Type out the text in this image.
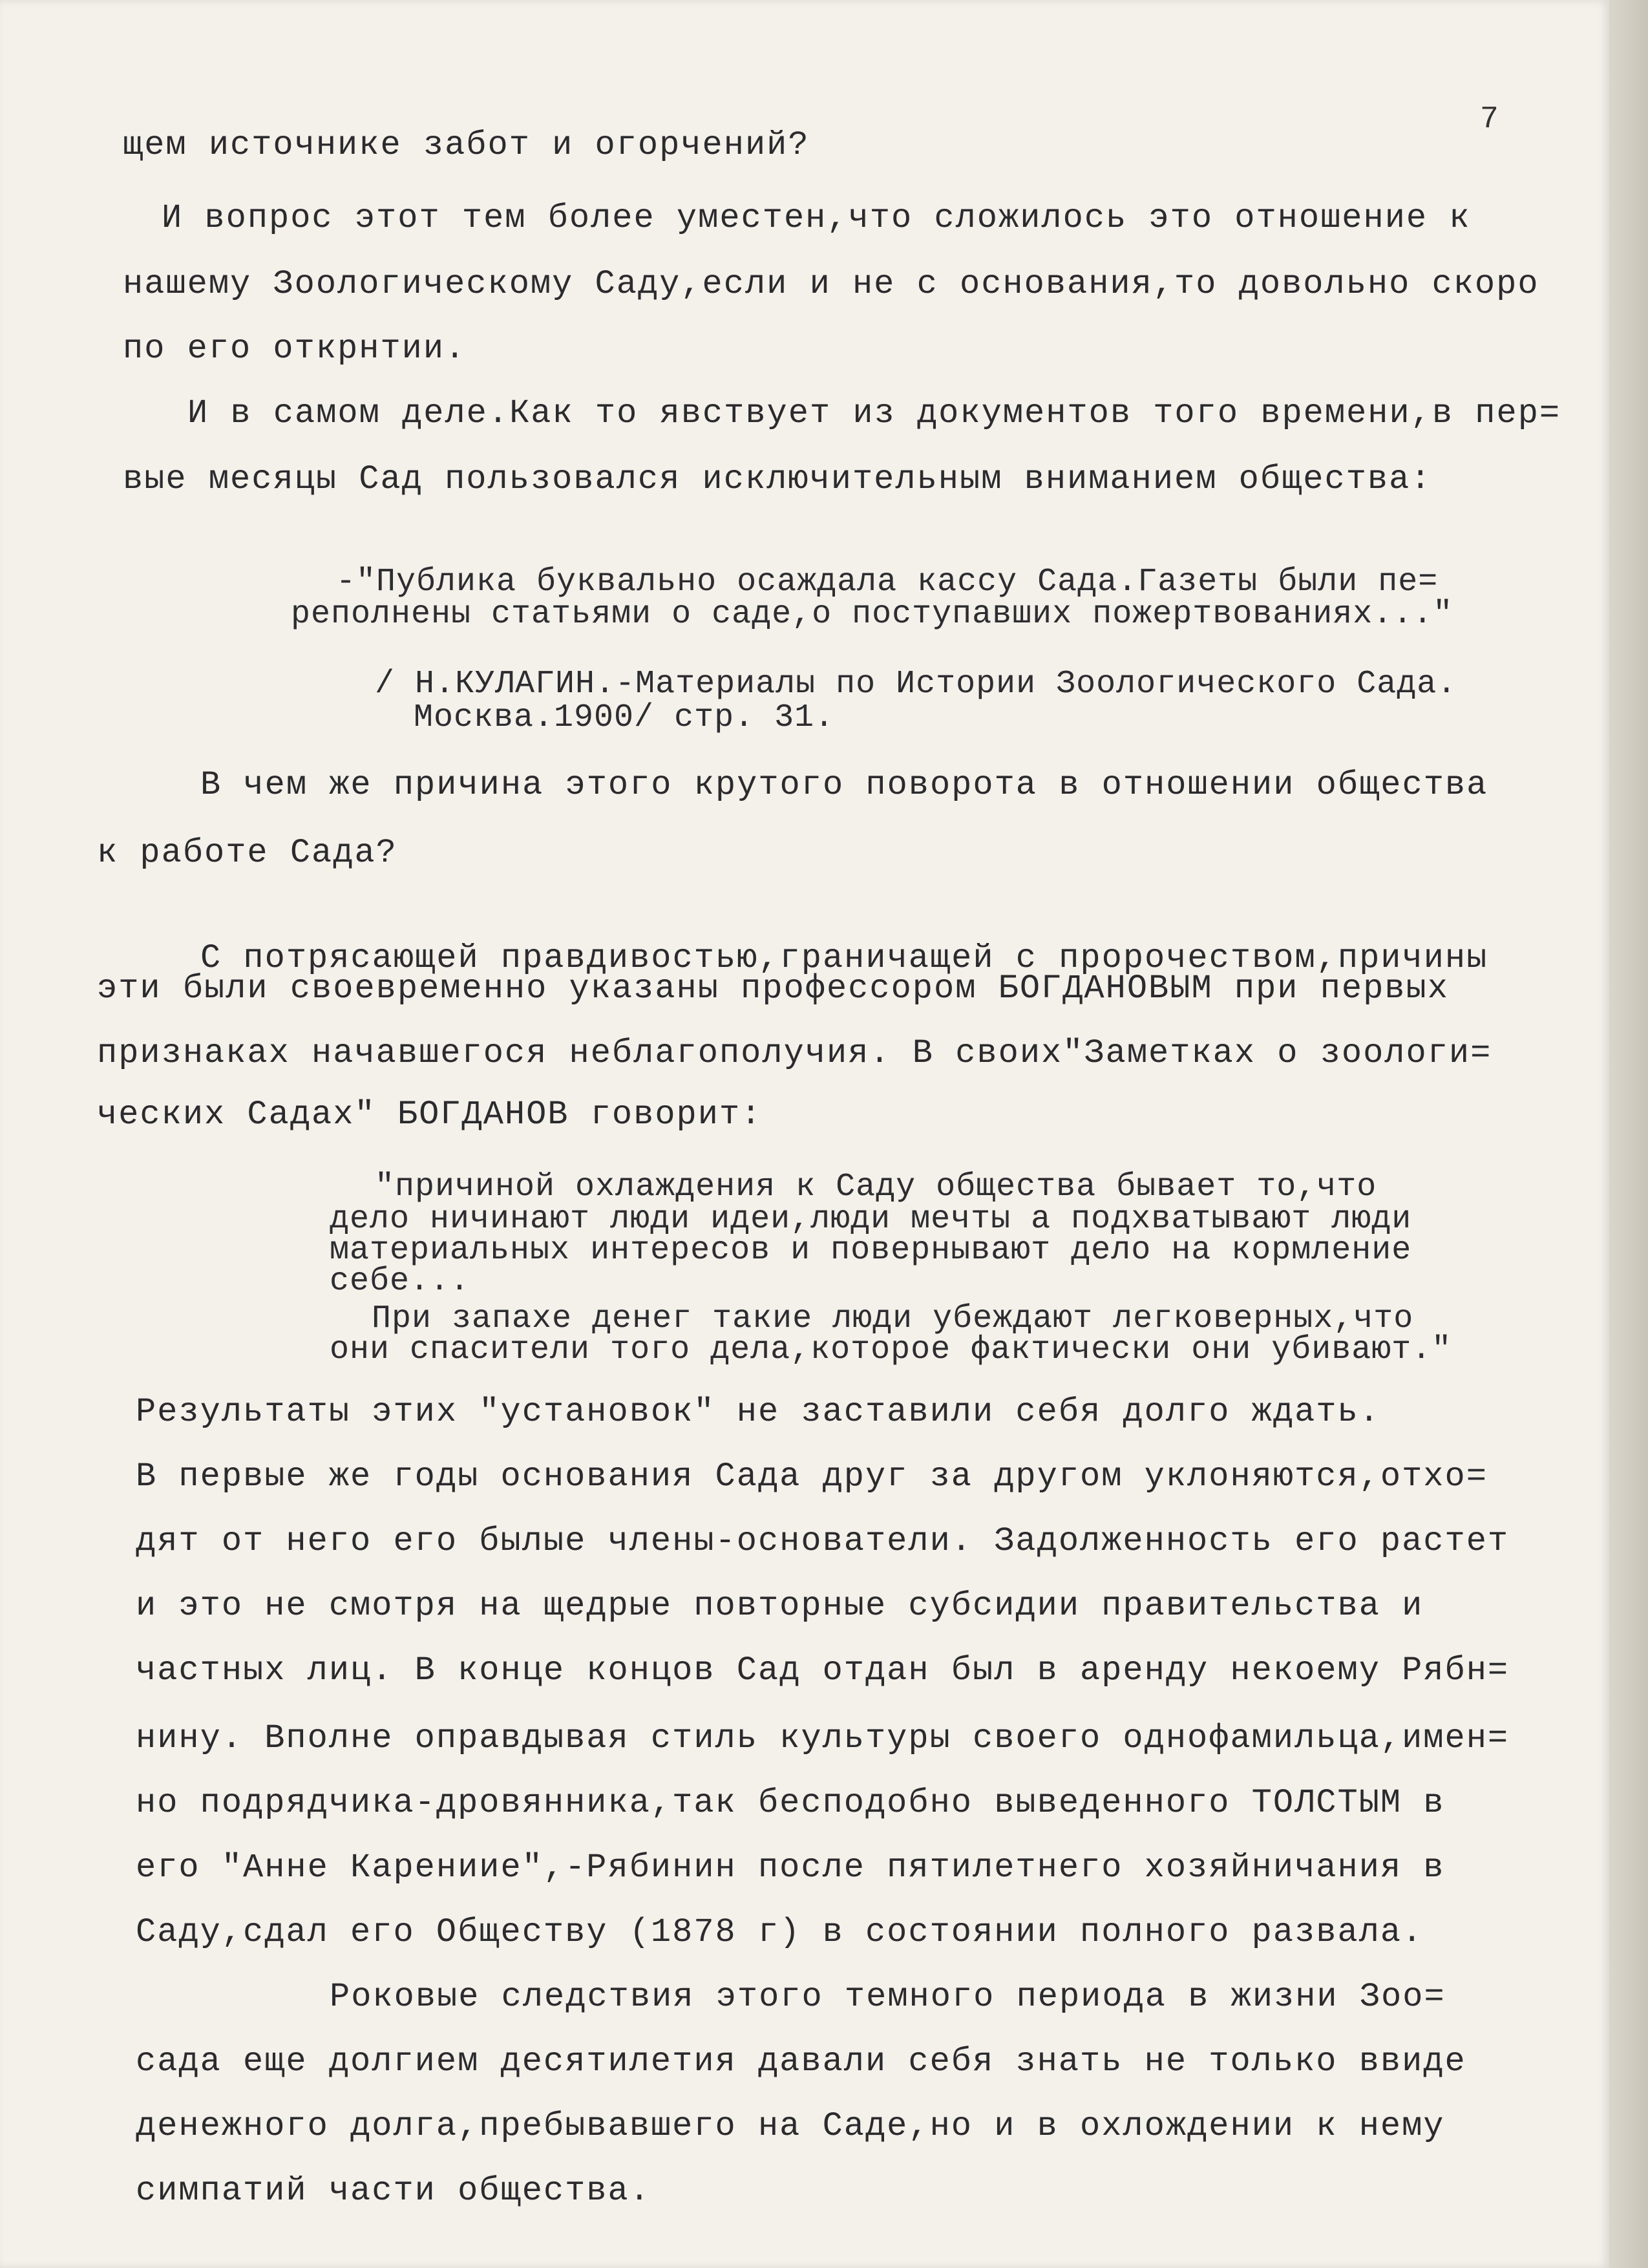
7
щем источнике забот и огорчений?
И вопрос этот тем более уместен,что сложилось это отношение к
нашему Зоологическому Саду,если и не с основания,то довольно скоро
по его открнтии.
И в самом деле.Как то явствует из документов того времени,в пер=
вые месяцы Сад пользовался исключительным вниманием общества:
-"Публика буквально осаждала кассу Сада.Газеты были пе=
реполнены статьями о саде,о поступавших пожертвованиях..."
/ Н.КУЛАГИН.-Материалы по Истории Зоологического Сада.
Москва.1900/ стр. 31.
В чем же причина этого крутого поворота в отношении общества
к работе Сада?
С потрясающей правдивостью,граничащей с пророчеством,причины
эти были своевременно указаны профессором БОГДАНОВЫМ при первых
признаках начавшегося неблагополучия. В своих"Заметках о зоологи=
ческих Садах" БОГДАНОВ говорит:
"причиной охлаждения к Саду общества бывает то,что
дело ничинают люди идеи,люди мечты а подхватывают люди
материальных интересов и повернывают дело на кормление
себе...
При запахе денег такие люди убеждают легковерных,что
они спасители того дела,которое фактически они убивают."
Результаты этих "установок" не заставили себя долго ждать.
В первые же годы основания Сада друг за другом уклоняются,отхо=
дят от него его былые члены-основатели. Задолженность его растет
и это не смотря на щедрые повторные субсидии правительства и
частных лиц. В конце концов Сад отдан был в аренду некоему Рябн=
нину. Вполне оправдывая стиль культуры своего однофамильца,имен=
но подрядчика-дровянника,так бесподобно выведенного ТОЛСТЫМ в
его "Анне Карениие",-Рябинин после пятилетнего хозяйничания в
Саду,сдал его Обществу (1878 г) в состоянии полного развала.
Роковые следствия этого темного периода в жизни Зоо=
сада еще долгием десятилетия давали себя знать не только ввиде
денежного долга,пребывавшего на Саде,но и в охлождении к нему
симпатий части общества.
